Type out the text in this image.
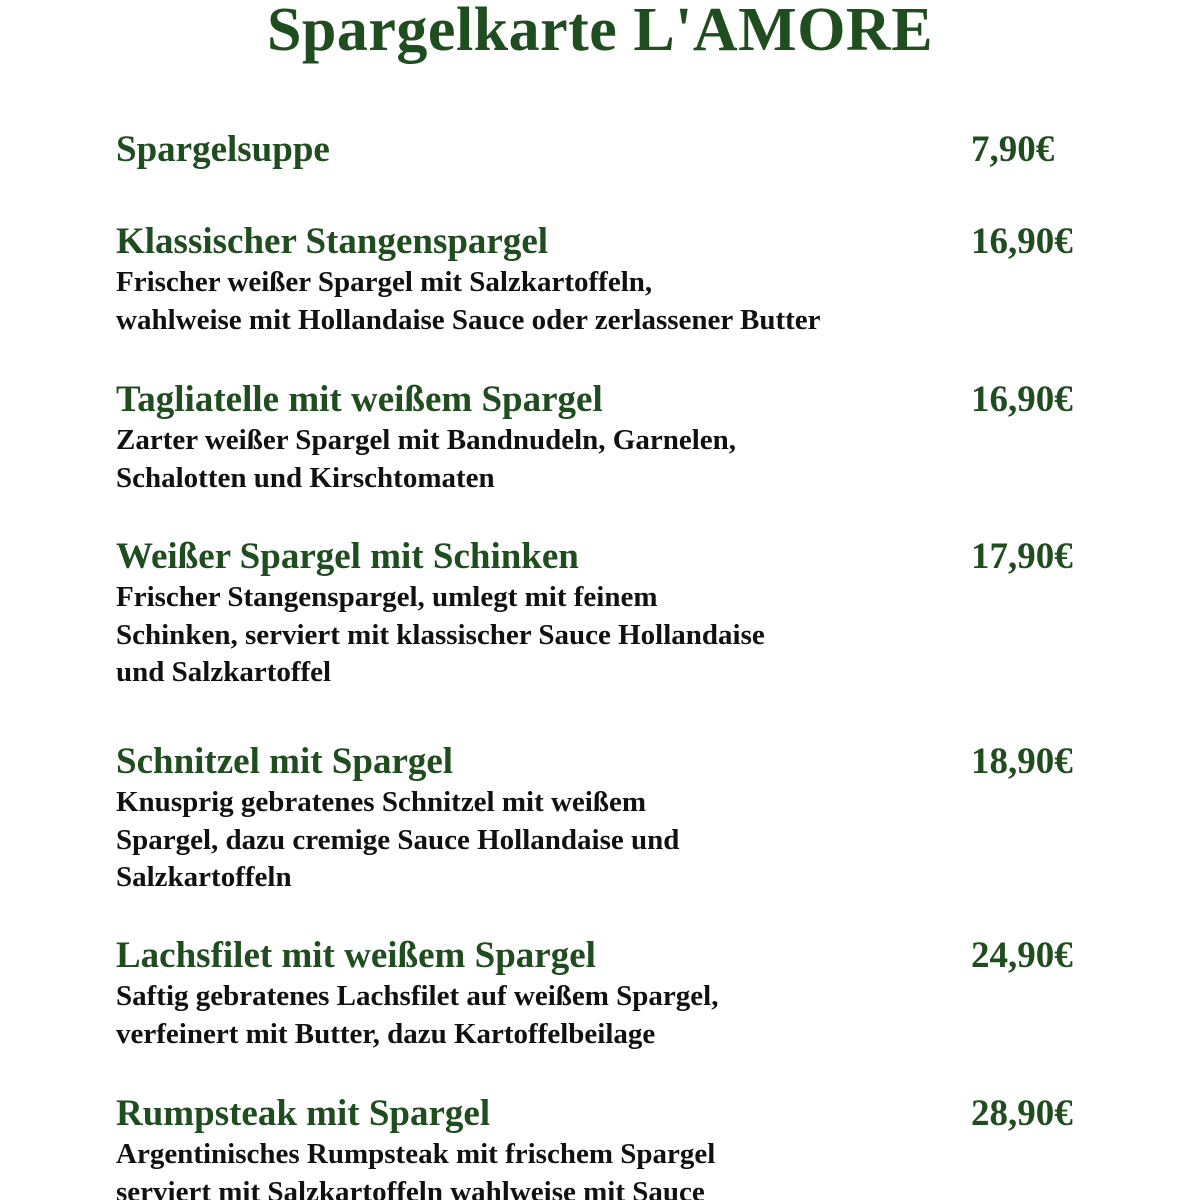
Spargelkarte L'AMORE
Spargelsuppe	7,90€
Klassischer Stangenspargel	16,90€
Frischer weißer Spargel mit Salzkartoffeln,
wahlweise mit Hollandaise Sauce oder zerlassener Butter
Tagliatelle mit weißem Spargel	16,90€
Zarter weißer Spargel mit Bandnudeln, Garnelen,
Schalotten und Kirschtomaten
Weißer Spargel mit Schinken	17,90€
Frischer Stangenspargel, umlegt mit feinem
Schinken, serviert mit klassischer Sauce Hollandaise
und Salzkartoffel
Schnitzel mit Spargel	18,90€
Knusprig gebratenes Schnitzel mit weißem
Spargel, dazu cremige Sauce Hollandaise und
Salzkartoffeln
Lachsfilet mit weißem Spargel	24,90€
Saftig gebratenes Lachsfilet auf weißem Spargel,
verfeinert mit Butter, dazu Kartoffelbeilage
Rumpsteak mit Spargel	28,90€
Argentinisches Rumpsteak mit frischem Spargel
serviert mit Salzkartoffeln wahlweise mit Sauce
